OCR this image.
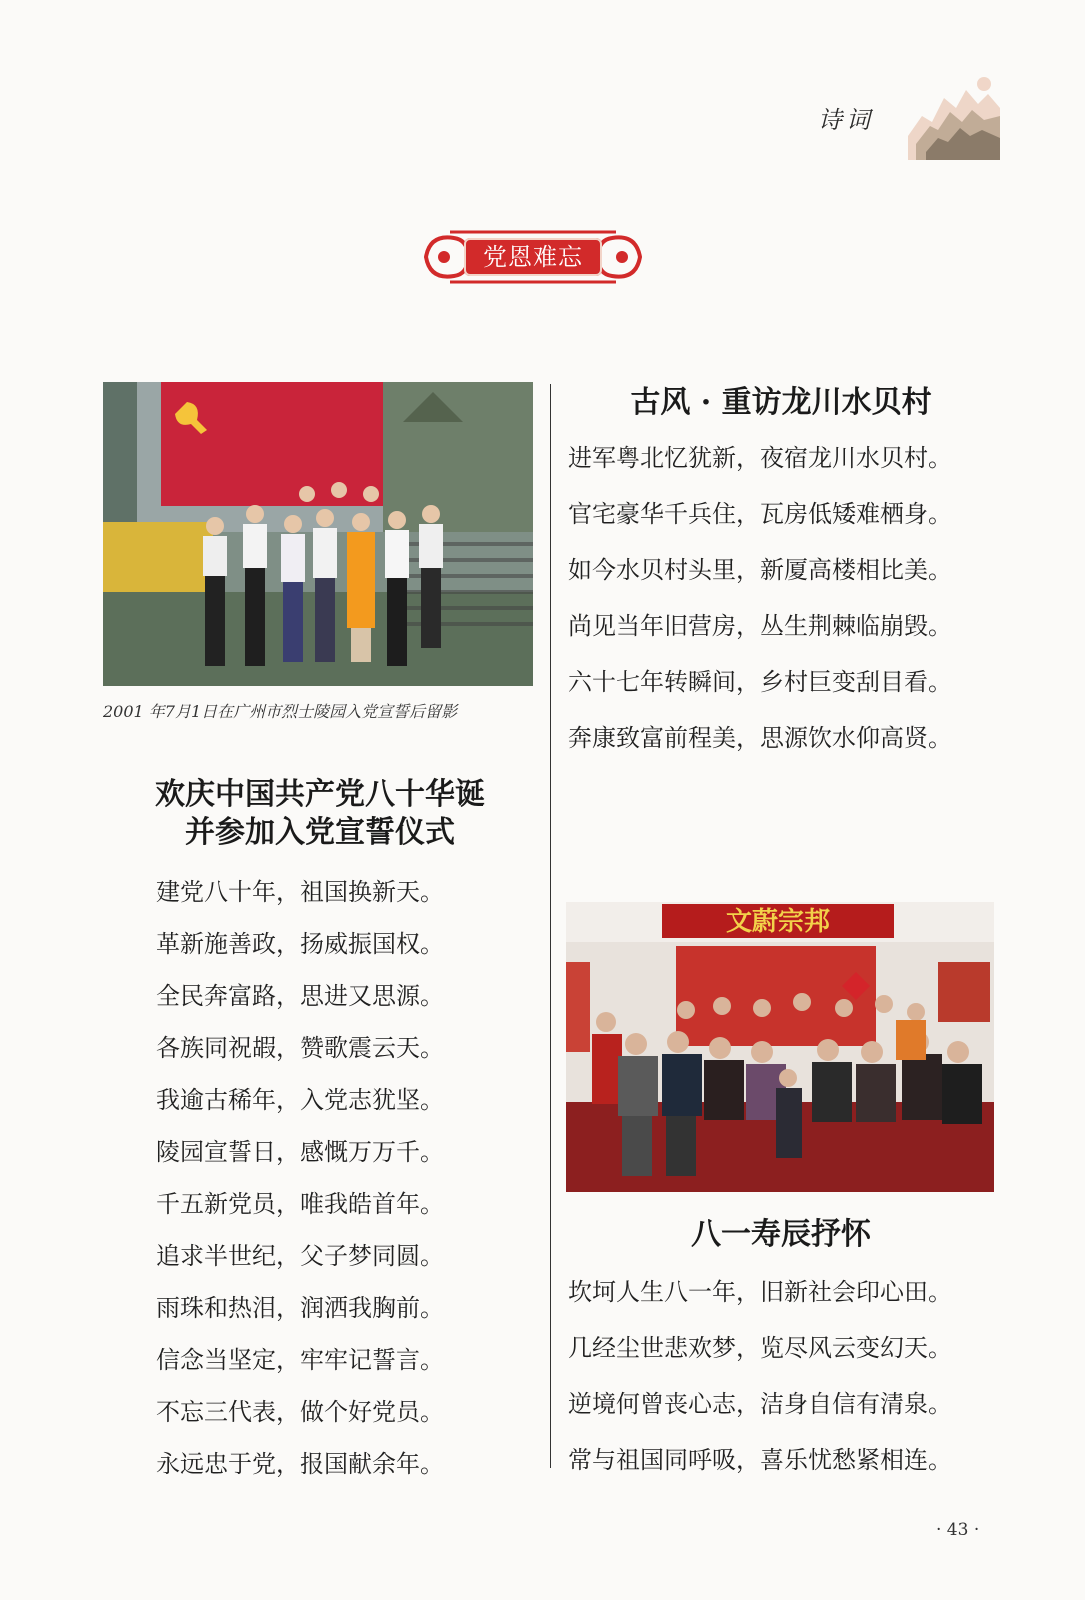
诗词
党恩难忘
2001 年7月1日在广州市烈士陵园入党宣誓后留影
欢庆中国共产党八十华诞
并参加入党宣誓仪式
建党八十年，祖国换新天。
革新施善政，扬威振国权。
全民奔富路，思进又思源。
各族同祝嘏，赞歌震云天。
我逾古稀年，入党志犹坚。
陵园宣誓日，感慨万万千。
千五新党员，唯我皓首年。
追求半世纪，父子梦同圆。
雨珠和热泪，润洒我胸前。
信念当坚定，牢牢记誓言。
不忘三代表，做个好党员。
永远忠于党，报国献余年。
古风 · 重访龙川水贝村
进军粤北忆犹新，夜宿龙川水贝村。
官宅豪华千兵住，瓦房低矮难栖身。
如今水贝村头里，新厦高楼相比美。
尚见当年旧营房，丛生荆棘临崩毁。
六十七年转瞬间，乡村巨变刮目看。
奔康致富前程美，思源饮水仰高贤。
文蔚宗邦
八一寿辰抒怀
坎坷人生八一年，旧新社会印心田。
几经尘世悲欢梦，览尽风云变幻天。
逆境何曾丧心志，洁身自信有清泉。
常与祖国同呼吸，喜乐忧愁紧相连。
· 43 ·
